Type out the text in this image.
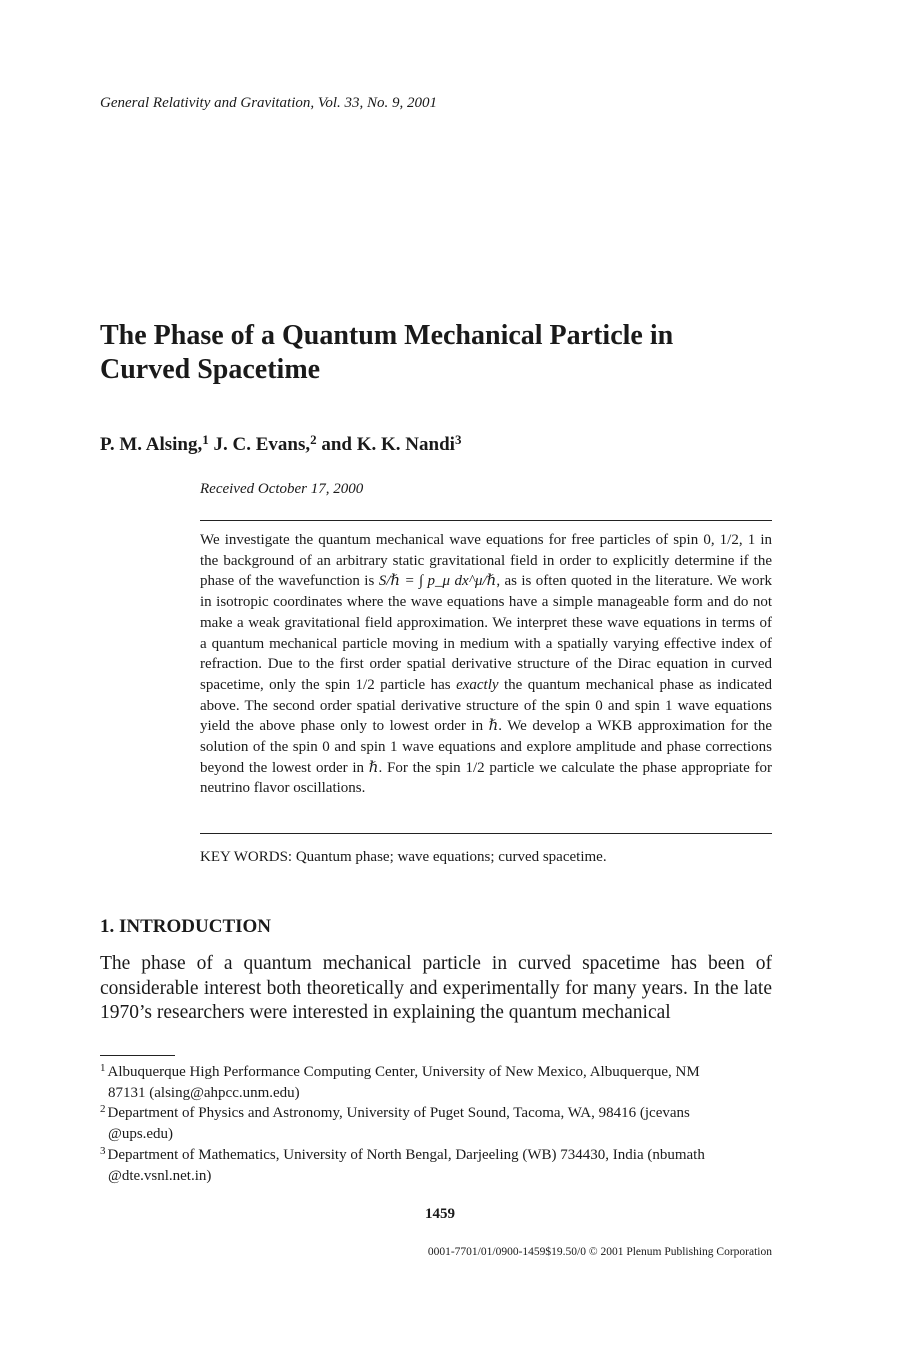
General Relativity and Gravitation, Vol. 33, No. 9, 2001
The Phase of a Quantum Mechanical Particle in
Curved Spacetime
P. M. Alsing,$^1$ J. C. Evans,$^2$ and K. K. Nandi$^3$
Received October 17, 2000

We investigate the quantum mechanical wave equations for free particles of spin 0, 1/2, 1 in the background of an arbitrary static gravitational field in order to explicitly determine if the phase of the wavefunction is S/ℏ = ∫ p_μ dx^μ/ℏ, as is often quoted in the literature. We work in isotropic coordinates where the wave equations have a simple manageable form and do not make a weak gravitational field approximation. We interpret these wave equations in terms of a quantum mechanical particle moving in medium with a spatially varying effective index of refraction. Due to the first order spatial derivative structure of the Dirac equation in curved spacetime, only the spin 1/2 particle has exactly the quantum mechanical phase as indicated above. The second order spatial derivative structure of the spin 0 and spin 1 wave equations yield the above phase only to lowest order in ℏ. We develop a WKB approximation for the solution of the spin 0 and spin 1 wave equations and explore amplitude and phase corrections beyond the lowest order in ℏ. For the spin 1/2 particle we calculate the phase appropriate for neutrino flavor oscillations.

KEY WORDS: Quantum phase; wave equations; curved spacetime.
1. INTRODUCTION

The phase of a quantum mechanical particle in curved spacetime has been of considerable interest both theoretically and experimentally for many years. In the late 1970’s researchers were interested in explaining the quantum mechanical

$^1$ Albuquerque High Performance Computing Center, University of New Mexico, Albuquerque, NM
87131 (alsing@ahpcc.unm.edu)
$^2$ Department of Physics and Astronomy, University of Puget Sound, Tacoma, WA, 98416 (jcevans
@ups.edu)
$^3$ Department of Mathematics, University of North Bengal, Darjeeling (WB) 734430, India (nbumath
@dte.vsnl.net.in)
1459
0001-7701/01/0900-1459$19.50/0 © 2001 Plenum Publishing Corporation
